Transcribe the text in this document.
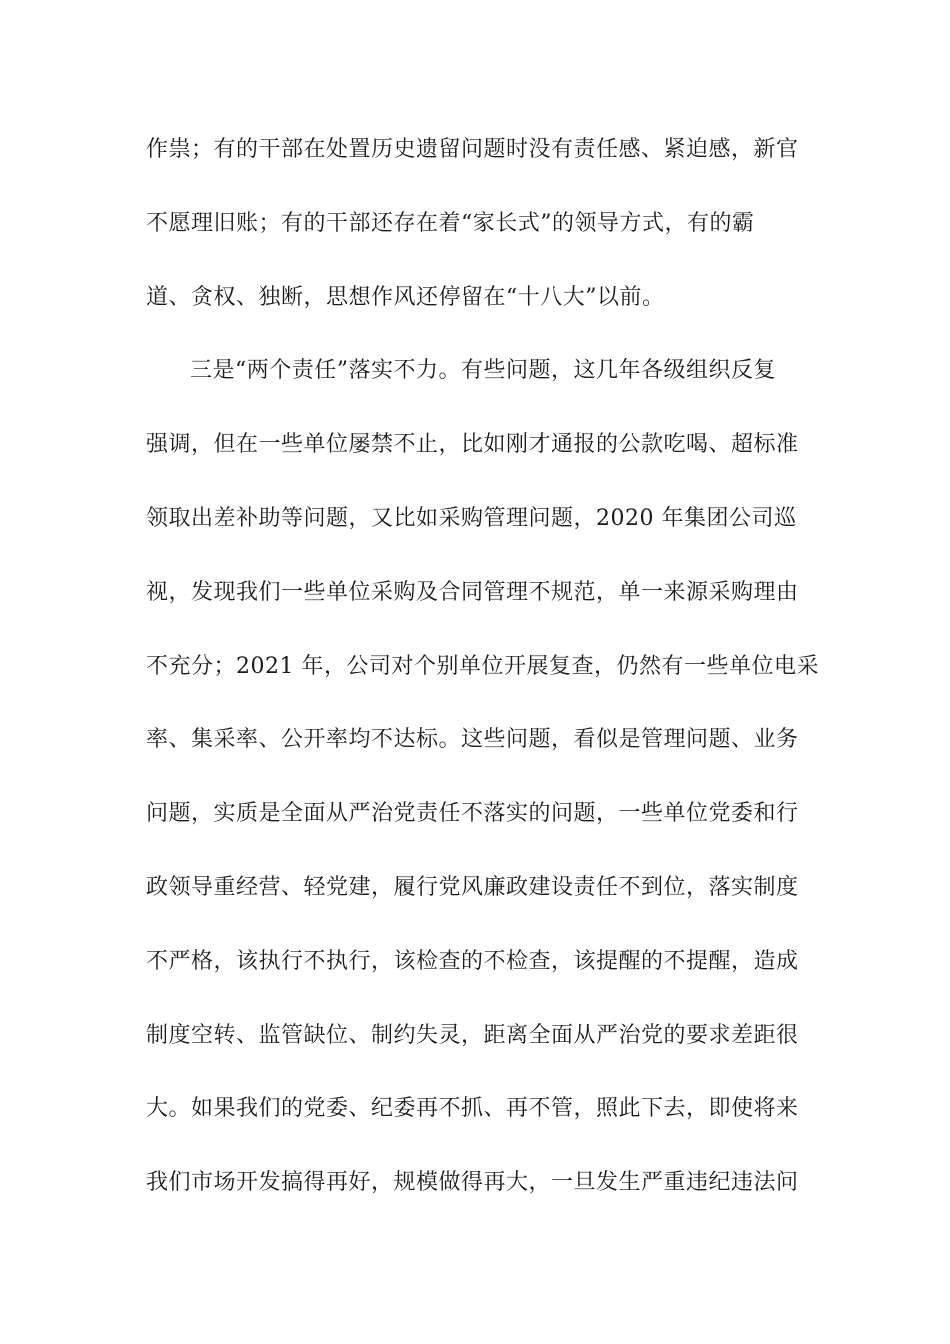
作祟；有的干部在处置历史遗留问题时没有责任感、紧迫感，新官
不愿理旧账；有的干部还存在着“家长式”的领导方式，有的霸
道、贪权、独断，思想作风还停留在“十八大”以前。
三是“两个责任”落实不力。有些问题，这几年各级组织反复
强调，但在一些单位屡禁不止，比如刚才通报的公款吃喝、超标准
领取出差补助等问题，又比如采购管理问题，2020 年集团公司巡
视，发现我们一些单位采购及合同管理不规范，单一来源采购理由
不充分；2021 年，公司对个别单位开展复查，仍然有一些单位电采
率、集采率、公开率均不达标。这些问题，看似是管理问题、业务
问题，实质是全面从严治党责任不落实的问题，一些单位党委和行
政领导重经营、轻党建，履行党风廉政建设责任不到位，落实制度
不严格，该执行不执行，该检查的不检查，该提醒的不提醒，造成
制度空转、监管缺位、制约失灵，距离全面从严治党的要求差距很
大。如果我们的党委、纪委再不抓、再不管，照此下去，即使将来
我们市场开发搞得再好，规模做得再大，一旦发生严重违纪违法问
